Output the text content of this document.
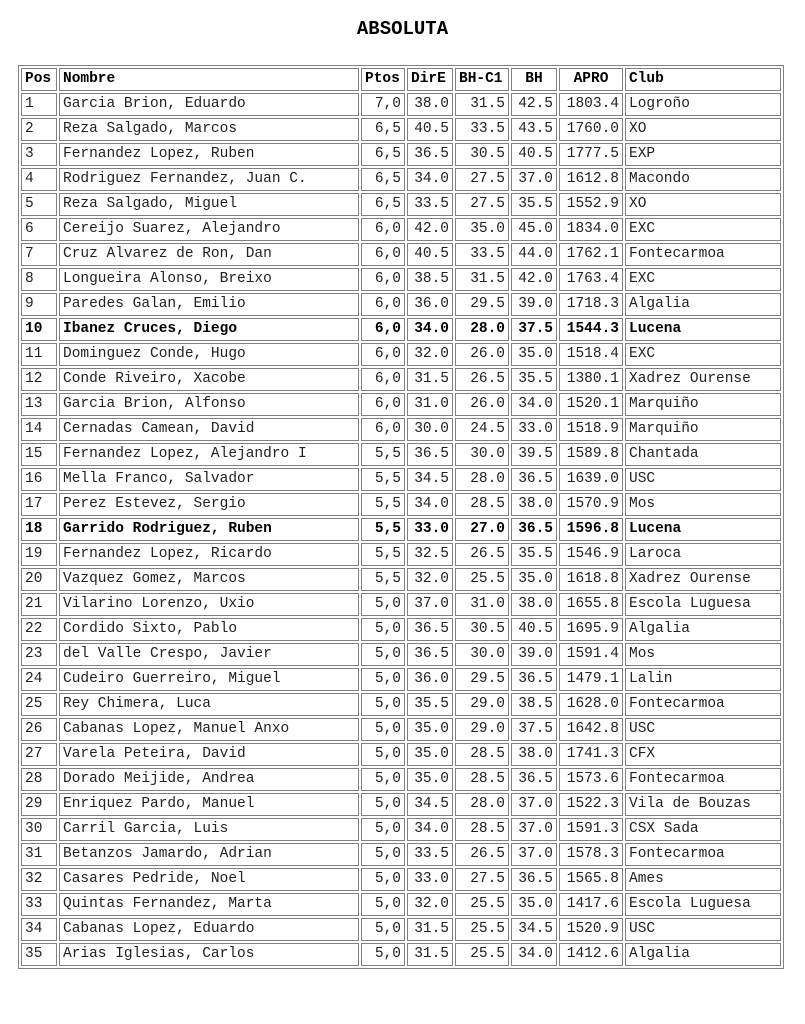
ABSOLUTA
Pos	Nombre	Ptos	DirE	BH-C1	BH	APRO	Club
1	Garcia Brion, Eduardo	7,0	38.0	31.5	42.5	1803.4	Logroño
2	Reza Salgado, Marcos	6,5	40.5	33.5	43.5	1760.0	XO
3	Fernandez Lopez, Ruben	6,5	36.5	30.5	40.5	1777.5	EXP
4	Rodriguez Fernandez, Juan C.	6,5	34.0	27.5	37.0	1612.8	Macondo
5	Reza Salgado, Miguel	6,5	33.5	27.5	35.5	1552.9	XO
6	Cereijo Suarez, Alejandro	6,0	42.0	35.0	45.0	1834.0	EXC
7	Cruz Alvarez de Ron, Dan	6,0	40.5	33.5	44.0	1762.1	Fontecarmoa
8	Longueira Alonso, Breixo	6,0	38.5	31.5	42.0	1763.4	EXC
9	Paredes Galan, Emilio	6,0	36.0	29.5	39.0	1718.3	Algalia
10	Ibanez Cruces, Diego	6,0	34.0	28.0	37.5	1544.3	Lucena
11	Dominguez Conde, Hugo	6,0	32.0	26.0	35.0	1518.4	EXC
12	Conde Riveiro, Xacobe	6,0	31.5	26.5	35.5	1380.1	Xadrez Ourense
13	Garcia Brion, Alfonso	6,0	31.0	26.0	34.0	1520.1	Marquiño
14	Cernadas Camean, David	6,0	30.0	24.5	33.0	1518.9	Marquiño
15	Fernandez Lopez, Alejandro I	5,5	36.5	30.0	39.5	1589.8	Chantada
16	Mella Franco, Salvador	5,5	34.5	28.0	36.5	1639.0	USC
17	Perez Estevez, Sergio	5,5	34.0	28.5	38.0	1570.9	Mos
18	Garrido Rodriguez, Ruben	5,5	33.0	27.0	36.5	1596.8	Lucena
19	Fernandez Lopez, Ricardo	5,5	32.5	26.5	35.5	1546.9	Laroca
20	Vazquez Gomez, Marcos	5,5	32.0	25.5	35.0	1618.8	Xadrez Ourense
21	Vilarino Lorenzo, Uxio	5,0	37.0	31.0	38.0	1655.8	Escola Luguesa
22	Cordido Sixto, Pablo	5,0	36.5	30.5	40.5	1695.9	Algalia
23	del Valle Crespo, Javier	5,0	36.5	30.0	39.0	1591.4	Mos
24	Cudeiro Guerreiro, Miguel	5,0	36.0	29.5	36.5	1479.1	Lalin
25	Rey Chimera, Luca	5,0	35.5	29.0	38.5	1628.0	Fontecarmoa
26	Cabanas Lopez, Manuel Anxo	5,0	35.0	29.0	37.5	1642.8	USC
27	Varela Peteira, David	5,0	35.0	28.5	38.0	1741.3	CFX
28	Dorado Meijide, Andrea	5,0	35.0	28.5	36.5	1573.6	Fontecarmoa
29	Enriquez Pardo, Manuel	5,0	34.5	28.0	37.0	1522.3	Vila de Bouzas
30	Carril Garcia, Luis	5,0	34.0	28.5	37.0	1591.3	CSX Sada
31	Betanzos Jamardo, Adrian	5,0	33.5	26.5	37.0	1578.3	Fontecarmoa
32	Casares Pedride, Noel	5,0	33.0	27.5	36.5	1565.8	Ames
33	Quintas Fernandez, Marta	5,0	32.0	25.5	35.0	1417.6	Escola Luguesa
34	Cabanas Lopez, Eduardo	5,0	31.5	25.5	34.5	1520.9	USC
35	Arias Iglesias, Carlos	5,0	31.5	25.5	34.0	1412.6	Algalia
